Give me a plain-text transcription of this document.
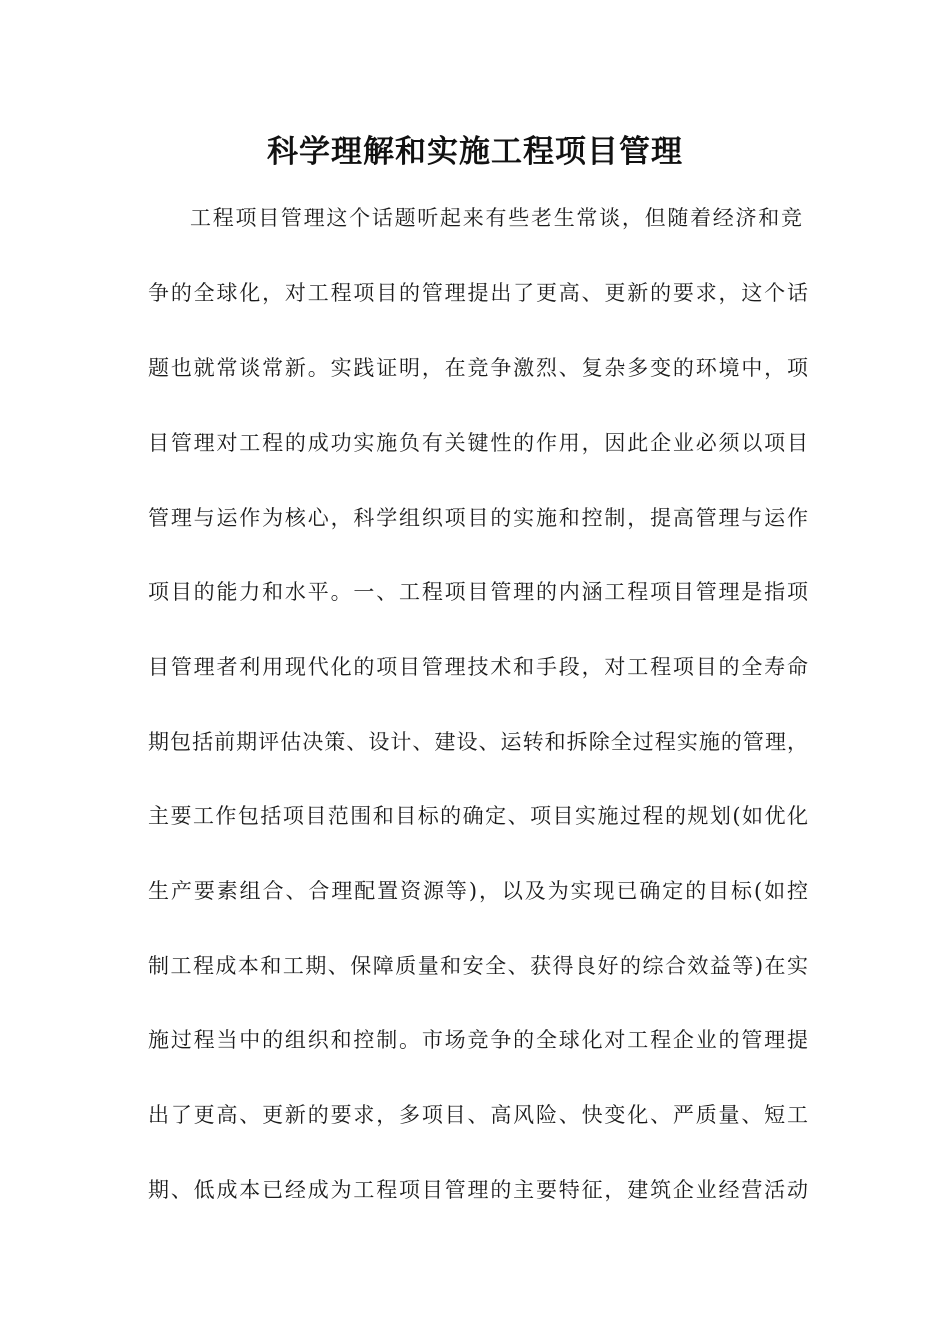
科学理解和实施工程项目管理

工程项目管理这个话题听起来有些老生常谈，但随着经济和竞

争的全球化，对工程项目的管理提出了更高、更新的要求，这个话

题也就常谈常新。实践证明，在竞争激烈、复杂多变的环境中，项

目管理对工程的成功实施负有关键性的作用，因此企业必须以项目

管理与运作为核心，科学组织项目的实施和控制，提高管理与运作

项目的能力和水平。一、工程项目管理的内涵工程项目管理是指项

目管理者利用现代化的项目管理技术和手段，对工程项目的全寿命

期包括前期评估决策、设计、建设、运转和拆除全过程实施的管理，

主要工作包括项目范围和目标的确定、项目实施过程的规划(如优化

生产要素组合、合理配置资源等)，以及为实现已确定的目标(如控

制工程成本和工期、保障质量和安全、获得良好的综合效益等)在实

施过程当中的组织和控制。市场竞争的全球化对工程企业的管理提

出了更高、更新的要求，多项目、高风险、快变化、严质量、短工

期、低成本已经成为工程项目管理的主要特征，建筑企业经营活动
